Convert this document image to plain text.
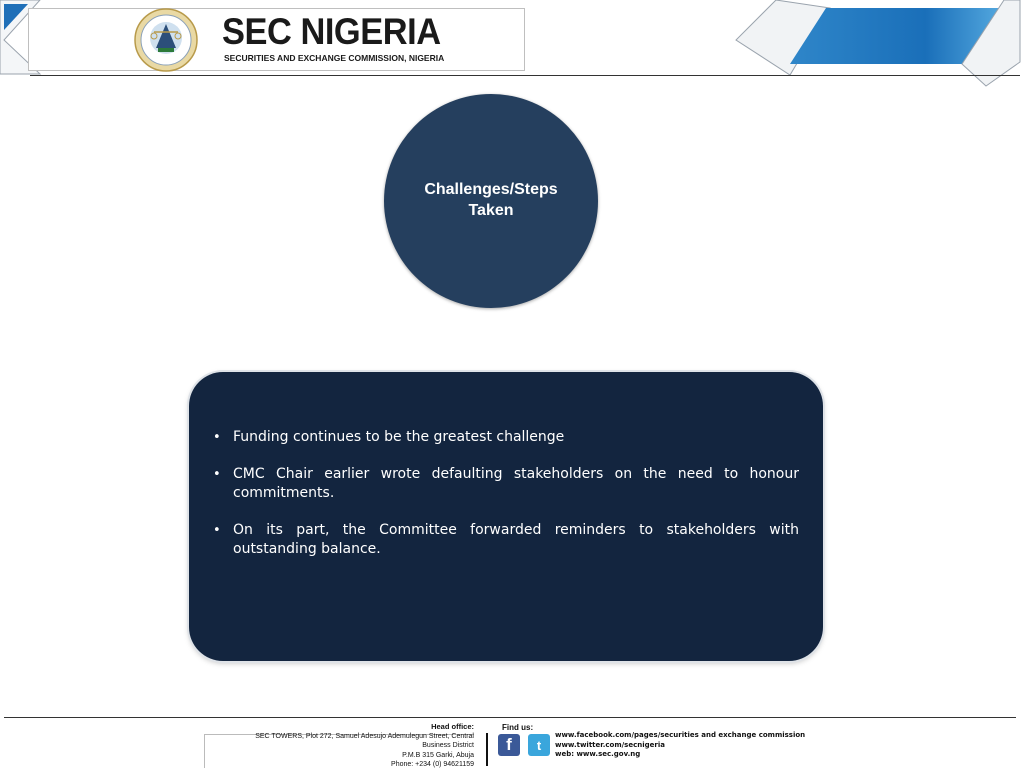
SEC NIGERIA
SECURITIES AND EXCHANGE COMMISSION, NIGERIA
Challenges/Steps Taken
• Funding continues to be the greatest challenge
• CMC Chair earlier wrote defaulting stakeholders on the need to honour commitments.
• On its part, the Committee forwarded reminders to stakeholders with outstanding balance.
Head office:
SEC TOWERS, Plot 272, Samuel Adesujo Ademulegun Street, Central
Business District
P.M.B 315 Garki, Abuja
Phone: +234 (0) 94621159
Find us:
f	t
www.facebook.com/pages/securities and exchange commission
www.twitter.com/secnigeria
web: www.sec.gov.ng
